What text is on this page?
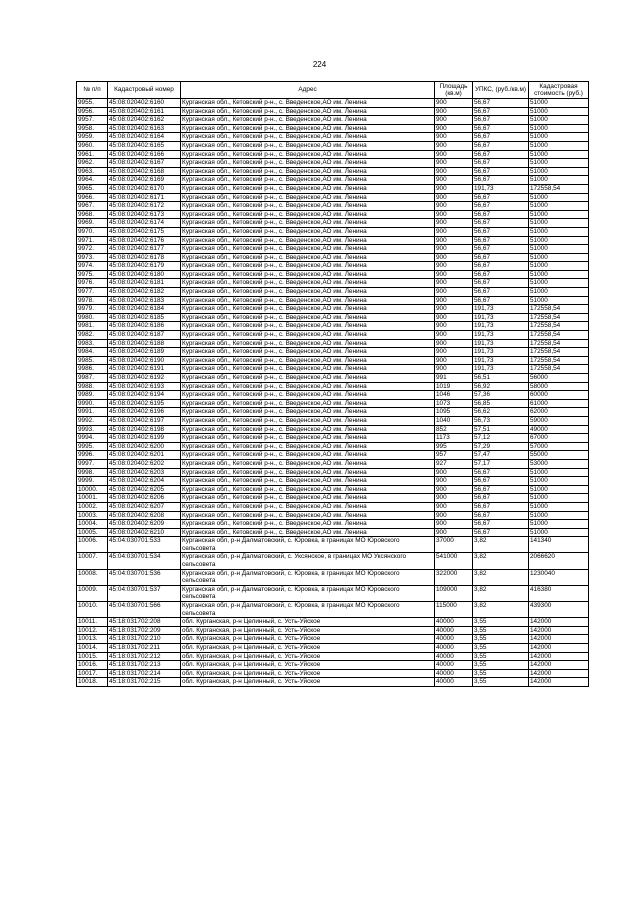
224
№ п/п	Кадастровый номер	Адрес	Площадь (кв.м)	УПКС, (руб./кв.м)	Кадастровая стоимость (руб.)
9955.	45:08:020402:6160	Курганская обл., Кетовский р-н., с. Введенское,АО им. Ленина	900	56,67	51000
9956.	45:08:020402:6161	Курганская обл., Кетовский р-н., с. Введенское,АО им. Ленина	900	56,67	51000
9957.	45:08:020402:6162	Курганская обл., Кетовский р-н., с. Введенское,АО им. Ленина	900	56,67	51000
9958.	45:08:020402:6163	Курганская обл., Кетовский р-н., с. Введенское,АО им. Ленина	900	56,67	51000
9959.	45:08:020402:6164	Курганская обл., Кетовский р-н., с. Введенское,АО им. Ленина	900	56,67	51000
9960.	45:08:020402:6165	Курганская обл., Кетовский р-н., с. Введенское,АО им. Ленина	900	56,67	51000
9961.	45:08:020402:6166	Курганская обл., Кетовский р-н., с. Введенское,АО им. Ленина	900	56,67	51000
9962.	45:08:020402:6167	Курганская обл., Кетовский р-н., с. Введенское,АО им. Ленина	900	56,67	51000
9963.	45:08:020402:6168	Курганская обл., Кетовский р-н., с. Введенское,АО им. Ленина	900	56,67	51000
9964.	45:08:020402:6169	Курганская обл., Кетовский р-н., с. Введенское,АО им. Ленина	900	56,67	51000
9965.	45:08:020402:6170	Курганская обл., Кетовский р-н., с. Введенское,АО им. Ленина	900	191,73	172558,54
9966.	45:08:020402:6171	Курганская обл., Кетовский р-н., с. Введенское,АО им. Ленина	900	56,67	51000
9967.	45:08:020402:6172	Курганская обл., Кетовский р-н., с. Введенское,АО им. Ленина	900	56,67	51000
9968.	45:08:020402:6173	Курганская обл., Кетовский р-н., с. Введенское,АО им. Ленина	900	56,67	51000
9969.	45:08:020402:6174	Курганская обл., Кетовский р-н., с. Введенское,АО им. Ленина	900	56,67	51000
9970.	45:08:020402:6175	Курганская обл., Кетовский р-н., с. Введенское,АО им. Ленина	900	56,67	51000
9971.	45:08:020402:6176	Курганская обл., Кетовский р-н., с. Введенское,АО им. Ленина	900	56,67	51000
9972.	45:08:020402:6177	Курганская обл., Кетовский р-н., с. Введенское,АО им. Ленина	900	56,67	51000
9973.	45:08:020402:6178	Курганская обл., Кетовский р-н., с. Введенское,АО им. Ленина	900	56,67	51000
9974.	45:08:020402:6179	Курганская обл., Кетовский р-н., с. Введенское,АО им. Ленина	900	56,67	51000
9975.	45:08:020402:6180	Курганская обл., Кетовский р-н., с. Введенское,АО им. Ленина	900	56,67	51000
9976.	45:08:020402:6181	Курганская обл., Кетовский р-н., с. Введенское,АО им. Ленина	900	56,67	51000
9977.	45:08:020402:6182	Курганская обл., Кетовский р-н., с. Введенское,АО им. Ленина	900	56,67	51000
9978.	45:08:020402:6183	Курганская обл., Кетовский р-н., с. Введенское,АО им. Ленина	900	56,67	51000
9979.	45:08:020402:6184	Курганская обл., Кетовский р-н., с. Введенское,АО им. Ленина	900	191,73	172558,54
9980.	45:08:020402:6185	Курганская обл., Кетовский р-н., с. Введенское,АО им. Ленина	900	191,73	172558,54
9981.	45:08:020402:6186	Курганская обл., Кетовский р-н., с. Введенское,АО им. Ленина	900	191,73	172558,54
9982.	45:08:020402:6187	Курганская обл., Кетовский р-н., с. Введенское,АО им. Ленина	900	191,73	172558,54
9983.	45:08:020402:6188	Курганская обл., Кетовский р-н., с. Введенское,АО им. Ленина	900	191,73	172558,54
9984.	45:08:020402:6189	Курганская обл., Кетовский р-н., с. Введенское,АО им. Ленина	900	191,73	172558,54
9985.	45:08:020402:6190	Курганская обл., Кетовский р-н., с. Введенское,АО им. Ленина	900	191,73	172558,54
9986.	45:08:020402:6191	Курганская обл., Кетовский р-н., с. Введенское,АО им. Ленина	900	191,73	172558,54
9987.	45:08:020402:6192	Курганская обл., Кетовский р-н., с. Введенское,АО им. Ленина	991	56,51	56000
9988.	45:08:020402:6193	Курганская обл., Кетовский р-н., с. Введенское,АО им. Ленина	1019	56,92	58000
9989.	45:08:020402:6194	Курганская обл., Кетовский р-н., с. Введенское,АО им. Ленина	1046	57,36	60000
9990.	45:08:020402:6195	Курганская обл., Кетовский р-н., с. Введенское,АО им. Ленина	1073	56,85	61000
9991.	45:08:020402:6196	Курганская обл., Кетовский р-н., с. Введенское,АО им. Ленина	1095	56,62	62000
9992.	45:08:020402:6197	Курганская обл., Кетовский р-н., с. Введенское,АО им. Ленина	1040	56,73	59000
9993.	45:08:020402:6198	Курганская обл., Кетовский р-н., с. Введенское,АО им. Ленина	852	57,51	49000
9994.	45:08:020402:6199	Курганская обл., Кетовский р-н., с. Введенское,АО им. Ленина	1173	57,12	67000
9995.	45:08:020402:6200	Курганская обл., Кетовский р-н., с. Введенское,АО им. Ленина	995	57,29	57000
9996.	45:08:020402:6201	Курганская обл., Кетовский р-н., с. Введенское,АО им. Ленина	957	57,47	55000
9997.	45:08:020402:6202	Курганская обл., Кетовский р-н., с. Введенское,АО им. Ленина	927	57,17	53000
9998.	45:08:020402:6203	Курганская обл., Кетовский р-н., с. Введенское,АО им. Ленина	900	56,67	51000
9999.	45:08:020402:6204	Курганская обл., Кетовский р-н., с. Введенское,АО им. Ленина	900	56,67	51000
10000.	45:08:020402:6205	Курганская обл., Кетовский р-н., с. Введенское,АО им. Ленина	900	56,67	51000
10001.	45:08:020402:6206	Курганская обл., Кетовский р-н., с. Введенское,АО им. Ленина	900	56,67	51000
10002.	45:08:020402:6207	Курганская обл., Кетовский р-н., с. Введенское,АО им. Ленина	900	56,67	51000
10003.	45:08:020402:6208	Курганская обл., Кетовский р-н., с. Введенское,АО им. Ленина	900	56,67	51000
10004.	45:08:020402:6209	Курганская обл., Кетовский р-н., с. Введенское,АО им. Ленина	900	56,67	51000
10005.	45:08:020402:6210	Курганская обл., Кетовский р-н., с. Введенское,АО им. Ленина	900	56,67	51000
10006.	45:04:030701:533	Курганская обл, р-н Далматовский, с. Юровка, в границах МО Юровского сельсовета	37000	3,82	141340
10007.	45:04:030701:534	Курганская обл, р-н Далматовский, с. Уксянское, в границах МО Уксянского сельсовета	541000	3,82	2066620
10008.	45:04:030701:536	Курганская обл, р-н Далматовский, с. Юровка, в границах МО Юровского сельсовета	322000	3,82	1230040
10009.	45:04:030701:537	Курганская обл, р-н Далматовский, с. Юровка, в границах МО Юровского сельсовета	109000	3,82	416380
10010.	45:04:030701:566	Курганская обл, р-н Далматовский, с. Юровка, в границах МО Юровского сельсовета	115000	3,82	439300
10011.	45:18:031702:208	обл. Курганская, р-н Целинный, с. Усть-Уйское	40000	3,55	142000
10012.	45:18:031702:209	обл. Курганская, р-н Целинный, с. Усть-Уйское	40000	3,55	142000
10013.	45:18:031702:210	обл. Курганская, р-н Целинный, с. Усть-Уйское	40000	3,55	142000
10014.	45:18:031702:211	обл. Курганская, р-н Целинный, с. Усть-Уйское	40000	3,55	142000
10015.	45:18:031702:212	обл. Курганская, р-н Целинный, с. Усть-Уйское	40000	3,55	142000
10016.	45:18:031702:213	обл. Курганская, р-н Целинный, с. Усть-Уйское	40000	3,55	142000
10017.	45:18:031702:214	обл. Курганская, р-н Целинный, с. Усть-Уйское	40000	3,55	142000
10018.	45:18:031702:215	обл. Курганская, р-н Целинный, с. Усть-Уйское	40000	3,55	142000
